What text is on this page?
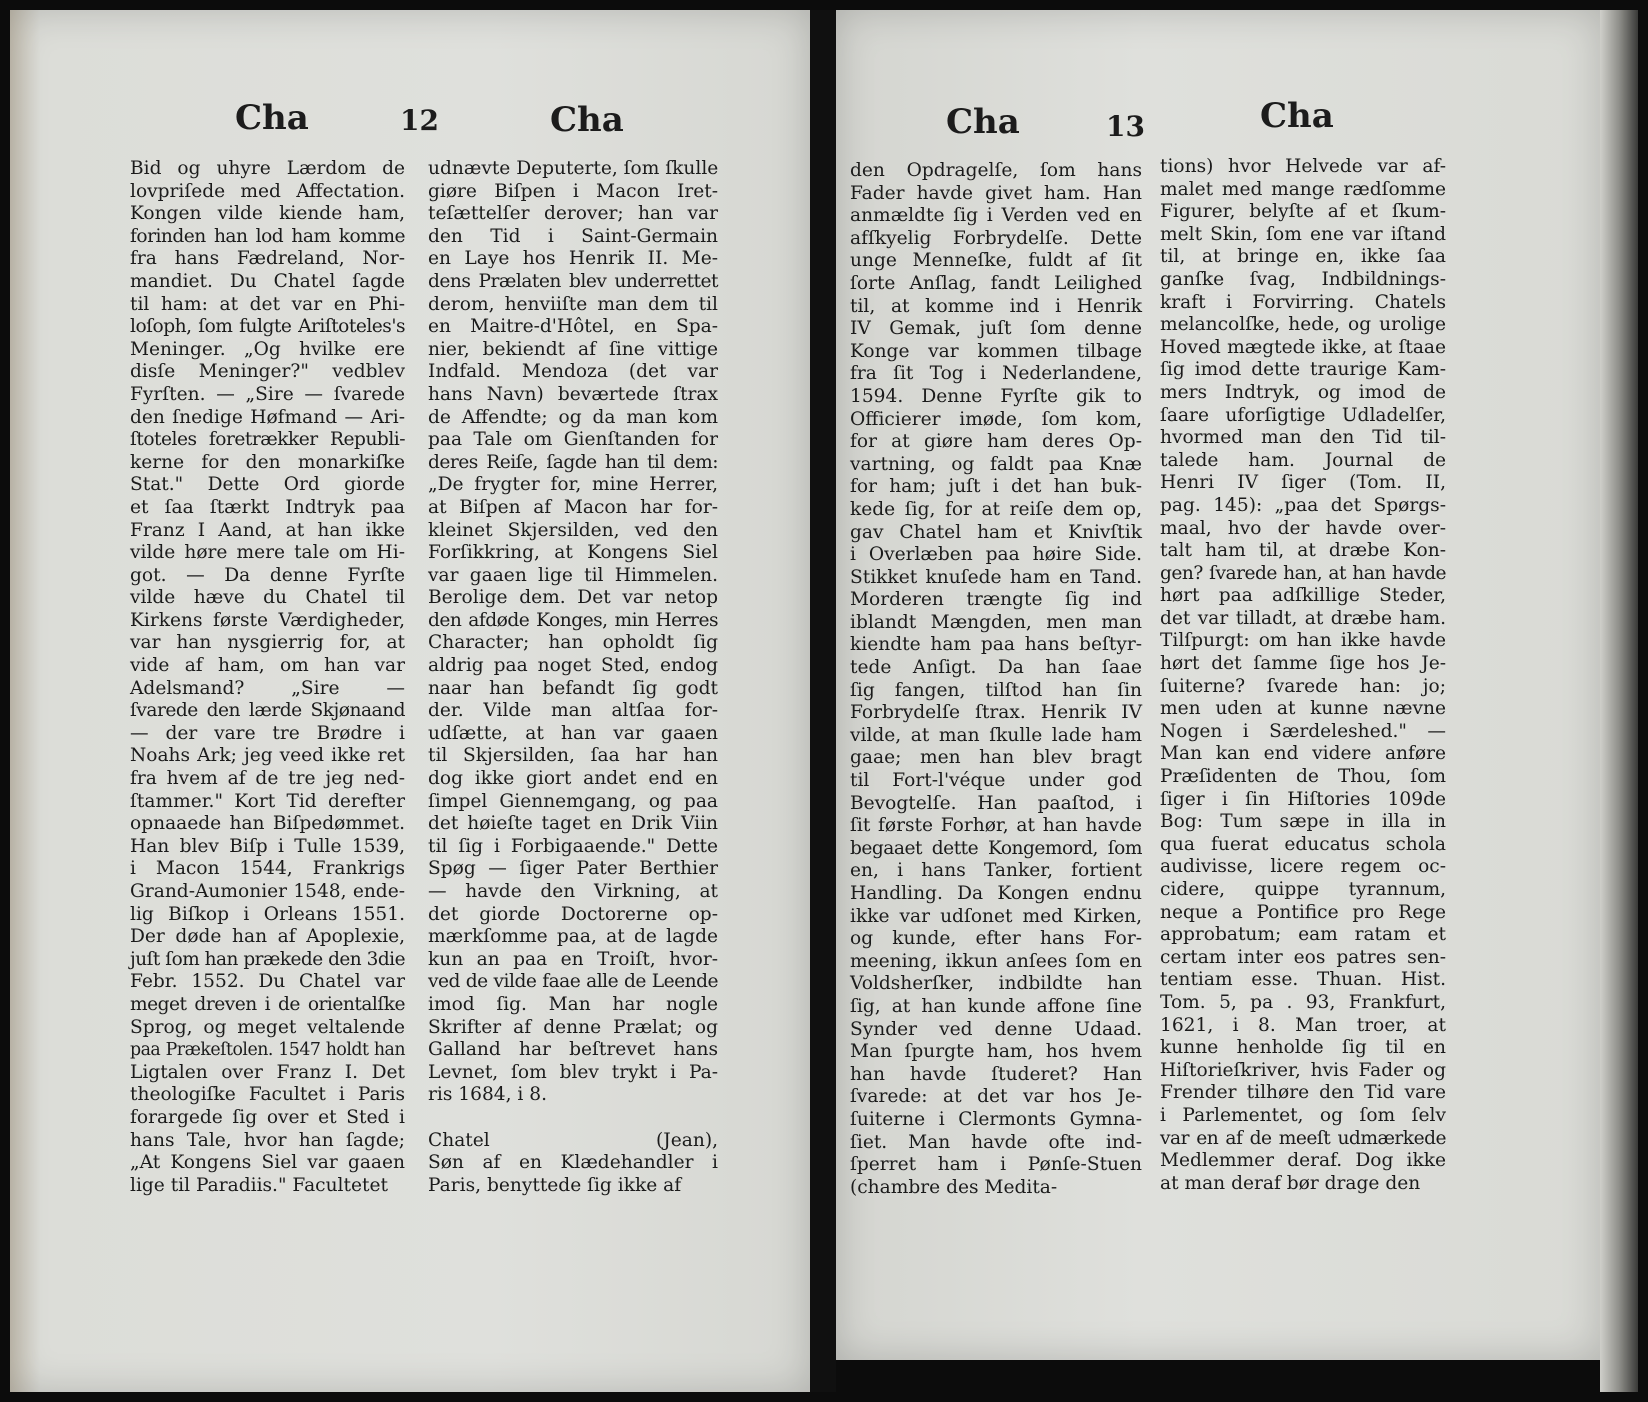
Cha	12	Cha
Bid og uhyre Lærdom de
lovpriſede med Affectation.
Kongen vilde kiende ham,
forinden han lod ham komme
fra hans Fædreland, Nor-
mandiet. Du Chatel ſagde
til ham: at det var en Phi-
loſoph, ſom fulgte Ariſtoteles's
Meninger. „Og hvilke ere
disſe Meninger?" vedblev
Fyrſten. — „Sire — ſvarede
den ſnedige Høfmand — Ari-
ſtoteles foretrækker Republi-
kerne for den monarkiſke
Stat." Dette Ord giorde
et ſaa ſtærkt Indtryk paa
Franz I Aand, at han ikke
vilde høre mere tale om Hi-
got. — Da denne Fyrſte
vilde hæve du Chatel til
Kirkens første Værdigheder,
var han nysgierrig for, at
vide af ham, om han var
Adelsmand? „Sire —
ſvarede den lærde Skjønaand
— der vare tre Brødre i
Noahs Ark; jeg veed ikke ret
fra hvem af de tre jeg ned-
ſtammer." Kort Tid derefter
opnaaede han Biſpedømmet.
Han blev Biſp i Tulle 1539,
i Macon 1544, Frankrigs
Grand-Aumonier 1548, ende-
lig Biſkop i Orleans 1551.
Der døde han af Apoplexie,
juſt ſom han prækede den 3die
Febr. 1552. Du Chatel var
meget dreven i de orientalſke
Sprog, og meget veltalende
paa Prækeſtolen. 1547 holdt han
Ligtalen over Franz I. Det
theologiſke Facultet i Paris
forargede ſig over et Sted i
hans Tale, hvor han ſagde;
„At Kongens Siel var gaaen
lige til Paradiis." Facultetet
udnævte Deputerte, ſom ſkulle
giøre Biſpen i Macon Iret-
teſættelſer derover; han var
den Tid i Saint-Germain
en Laye hos Henrik II. Me-
dens Prælaten blev underrettet
derom, henviiſte man dem til
en Maitre-d'Hôtel, en Spa-
nier, bekiendt af ſine vittige
Indfald. Mendoza (det var
hans Navn) beværtede ſtrax
de Affendte; og da man kom
paa Tale om Gienſtanden for
deres Reiſe, ſagde han til dem:
„De frygter for, mine Herrer,
at Biſpen af Macon har for-
kleinet Skjersilden, ved den
Forſikkring, at Kongens Siel
var gaaen lige til Himmelen.
Berolige dem. Det var netop
den afdøde Konges, min Herres
Character; han opholdt ſig
aldrig paa noget Sted, endog
naar han befandt ſig godt
der. Vilde man altſaa for-
udſætte, at han var gaaen
til Skjersilden, ſaa har han
dog ikke giort andet end en
ſimpel Giennemgang, og paa
det høieſte taget en Drik Viin
til ſig i Forbigaaende." Dette
Spøg — ſiger Pater Berthier
— havde den Virkning, at
det giorde Doctorerne op-
mærkſomme paa, at de lagde
kun an paa en Troiſt, hvor-
ved de vilde faae alle de Leende
imod ſig. Man har nogle
Skrifter af denne Prælat; og
Galland har beſtrevet hans
Levnet, ſom blev trykt i Pa-
ris 1684, i 8.
Chatel (Jean),
Søn af en Klædehandler i
Paris, benyttede ſig ikke af
Cha	13	Cha
den Opdragelſe, ſom hans
Fader havde givet ham. Han
anmældte ſig i Verden ved en
afſkyelig Forbrydelſe. Dette
unge Menneſke, fuldt af ſit
ſorte Anſlag, fandt Leilighed
til, at komme ind i Henrik
IV Gemak, juſt ſom denne
Konge var kommen tilbage
fra ſit Tog i Nederlandene,
1594. Denne Fyrſte gik to
Officierer imøde, ſom kom,
for at giøre ham deres Op-
vartning, og faldt paa Knæ
for ham; juſt i det han buk-
kede ſig, for at reiſe dem op,
gav Chatel ham et Knivſtik
i Overlæben paa høire Side.
Stikket knuſede ham en Tand.
Morderen trængte ſig ind
iblandt Mængden, men man
kiendte ham paa hans beſtyr-
tede Anſigt. Da han ſaae
ſig fangen, tilſtod han ſin
Forbrydelſe ſtrax. Henrik IV
vilde, at man ſkulle lade ham
gaae; men han blev bragt
til Fort-l'véque under god
Bevogtelſe. Han paaſtod, i
ſit første Forhør, at han havde
begaaet dette Kongemord, ſom
en, i hans Tanker, fortient
Handling. Da Kongen endnu
ikke var udſonet med Kirken,
og kunde, efter hans For-
meening, ikkun anſees ſom en
Voldsherſker, indbildte han
ſig, at han kunde affone ſine
Synder ved denne Udaad.
Man ſpurgte ham, hos hvem
han havde ſtuderet? Han
ſvarede: at det var hos Je-
ſuiterne i Clermonts Gymna-
ſiet. Man havde ofte ind-
ſperret ham i Pønſe-Stuen
(chambre des Medita-
tions) hvor Helvede var af-
malet med mange rædſomme
Figurer, belyſte af et ſkum-
melt Skin, ſom ene var iſtand
til, at bringe en, ikke ſaa
ganſke ſvag, Indbildnings-
kraft i Forvirring. Chatels
melancolſke, hede, og urolige
Hoved mægtede ikke, at ſtaae
ſig imod dette traurige Kam-
mers Indtryk, og imod de
ſaare uforſigtige Udladelſer,
hvormed man den Tid til-
talede ham. Journal de
Henri IV ſiger (Tom. II,
pag. 145): „paa det Spørgs-
maal, hvo der havde over-
talt ham til, at dræbe Kon-
gen? ſvarede han, at han havde
hørt paa adſkillige Steder,
det var tilladt, at dræbe ham.
Tilſpurgt: om han ikke havde
hørt det ſamme ſige hos Je-
ſuiterne? ſvarede han: jo;
men uden at kunne nævne
Nogen i Særdeleshed." —
Man kan end videre anføre
Præſidenten de Thou, ſom
ſiger i ſin Hiſtories 109de
Bog: Tum sæpe in illa in
qua fuerat educatus schola
audivisse, licere regem oc-
cidere, quippe tyrannum,
neque a Pontifice pro Rege
approbatum; eam ratam et
certam inter eos patres sen-
tentiam esse. Thuan. Hist.
Tom. 5, pa . 93, Frankfurt,
1621, i 8. Man troer, at
kunne henholde ſig til en
Hiſtorieſkriver, hvis Fader og
Frender tilhøre den Tid vare
i Parlementet, og ſom ſelv
var en af de meeſt udmærkede
Medlemmer deraf. Dog ikke
at man deraf bør drage den
